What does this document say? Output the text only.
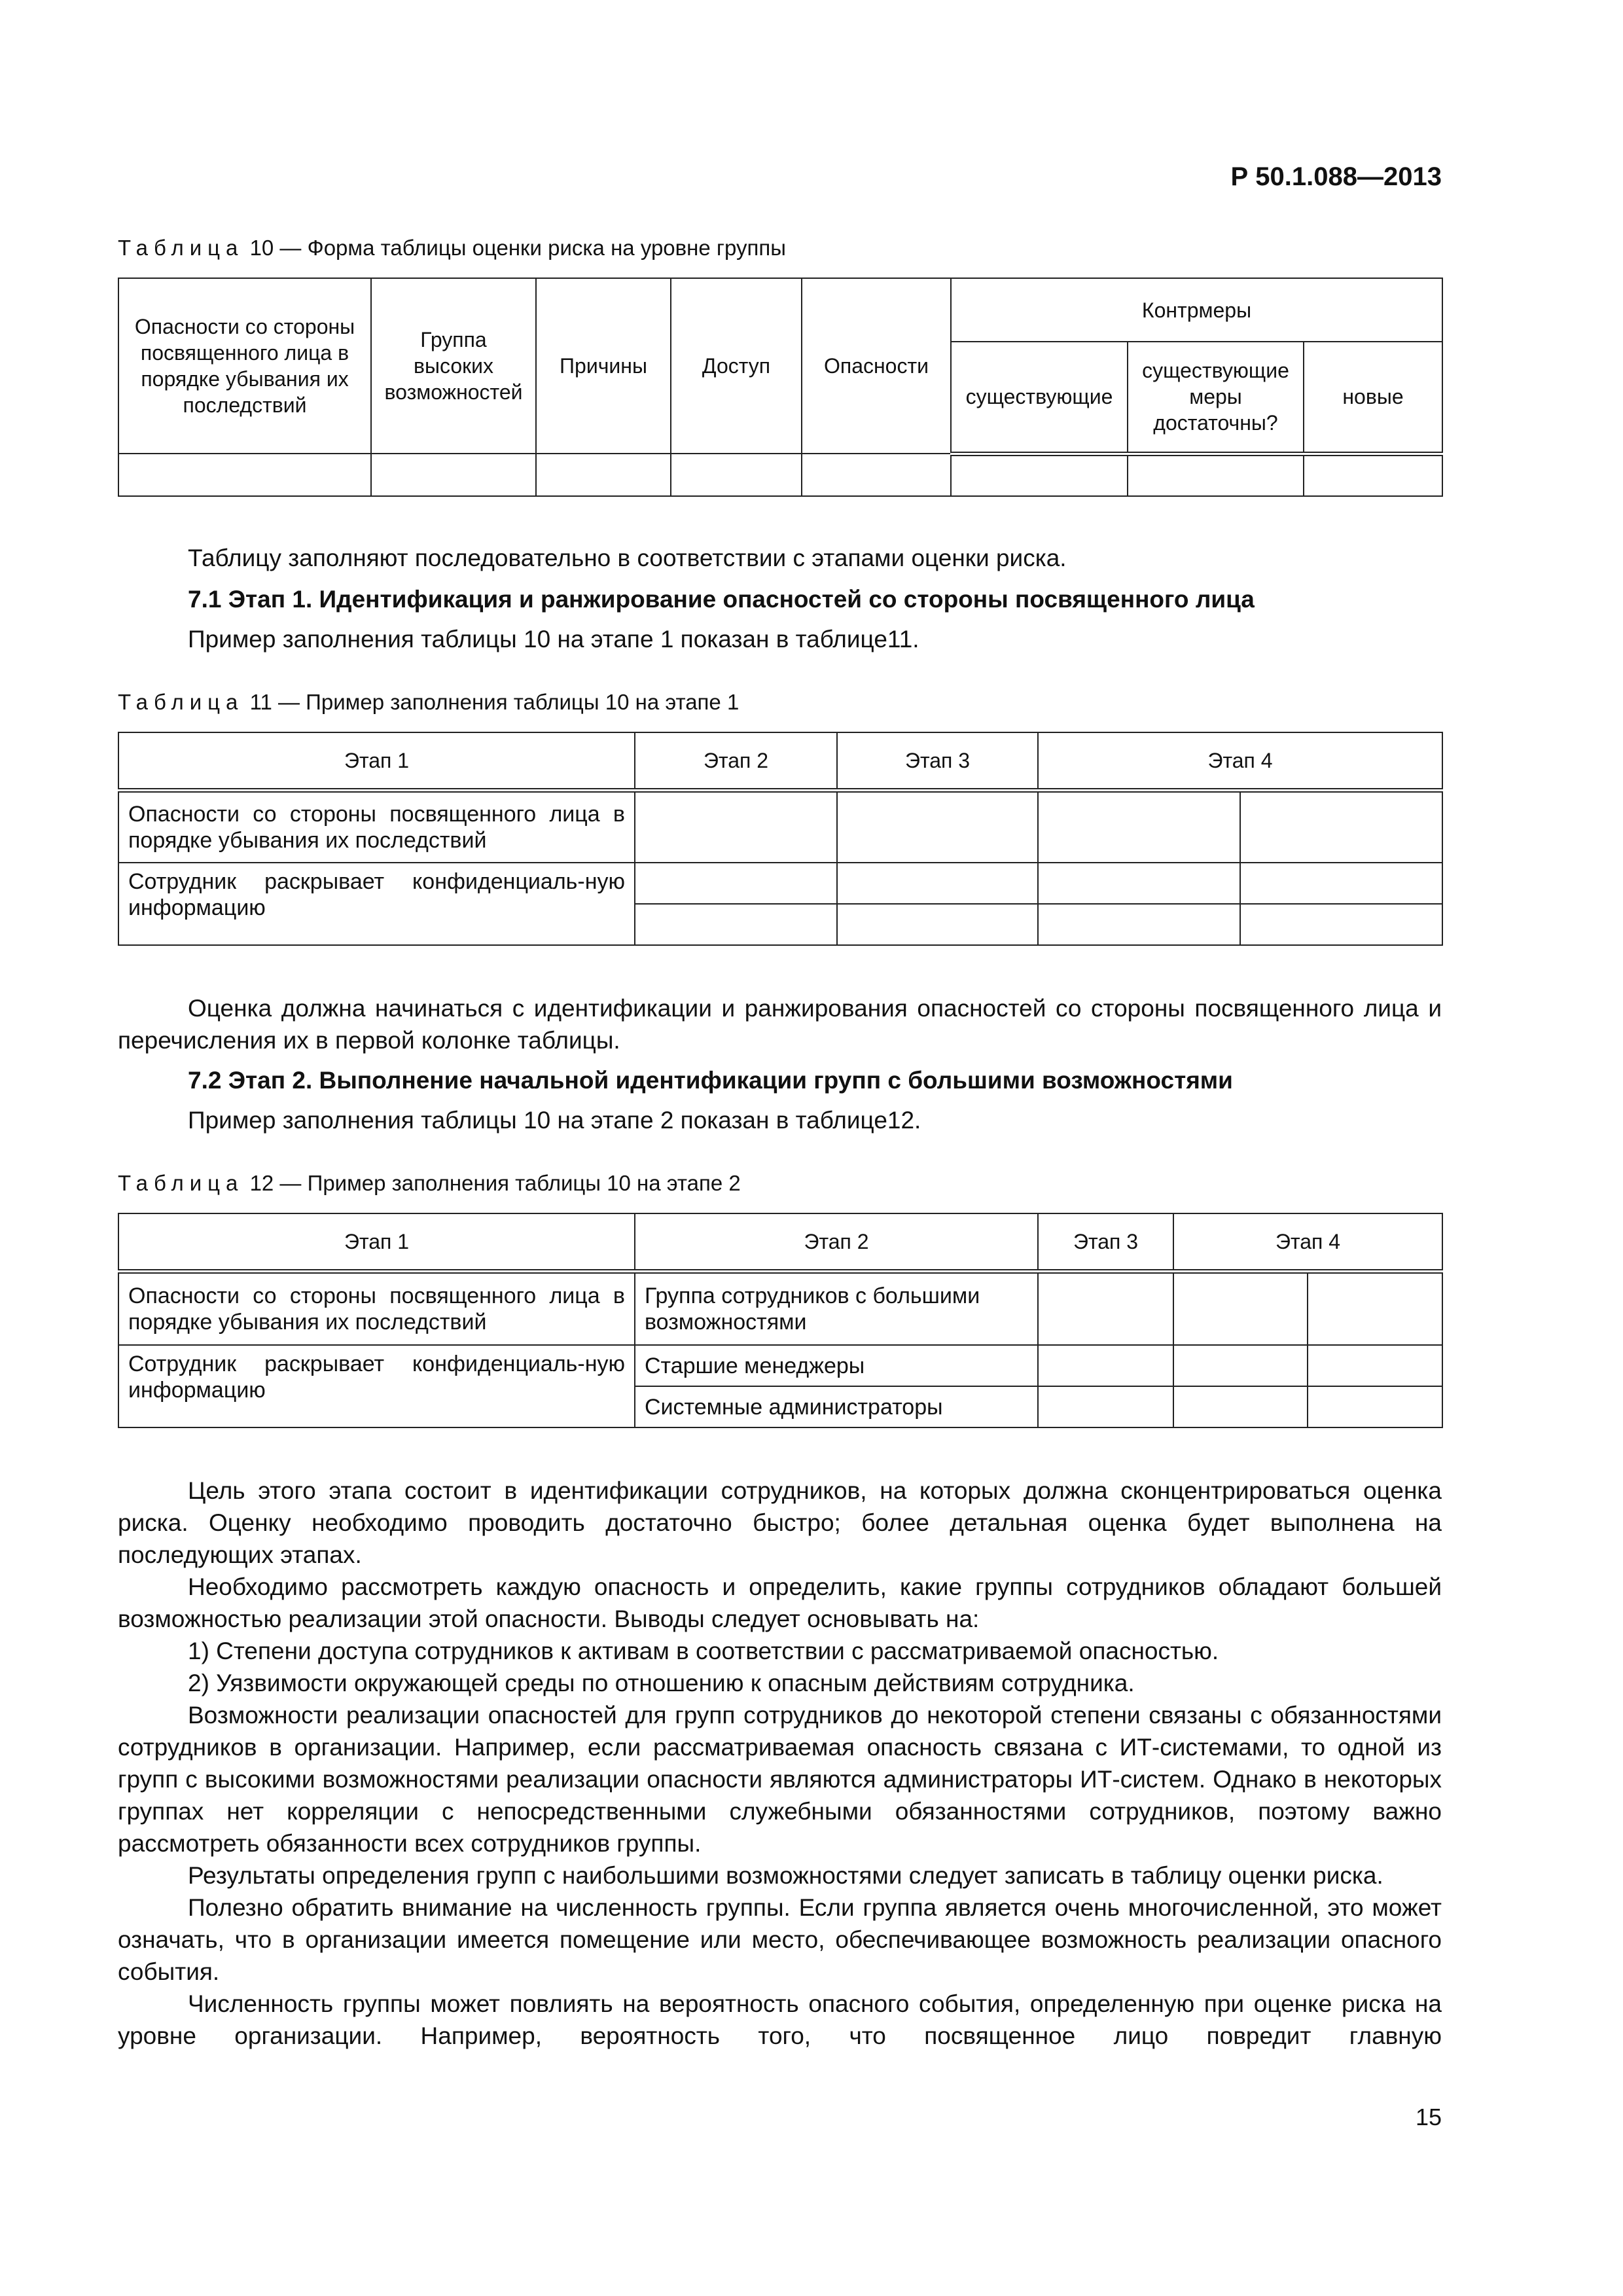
Р 50.1.088—2013
Таблица 10 — Форма таблицы оценки риска на уровне группы
Опасности со стороны посвященного лица в порядке убывания их последствий	Группа высоких возможностей	Причины	Доступ	Опасности	Контрмеры		
					существующие	существующие меры достаточны?	новые

Таблицу заполняют последовательно в соответствии с этапами оценки риска.

7.1 Этап 1. Идентификация и ранжирование опасностей со стороны посвященного лица

Пример заполнения таблицы 10 на этапе 1 показан в таблице11.

Таблица 11 — Пример заполнения таблицы 10 на этапе 1
Этап 1	Этап 2	Этап 3	Этап 4	
Опасности со стороны посвященного лица в порядке убывания их последствий				
Сотрудник раскрывает конфиденциаль-ную информацию				

Оценка должна начинаться с идентификации и ранжирования опасностей со стороны посвященного лица и перечисления их в первой колонке таблицы.

7.2 Этап 2. Выполнение начальной идентификации групп с большими возможностями

Пример заполнения таблицы 10 на этапе 2 показан в таблице12.

Таблица 12 — Пример заполнения таблицы 10 на этапе 2
Этап 1	Этап 2	Этап 3	Этап 4	
Опасности со стороны посвященного лица в порядке убывания их последствий	Группа сотрудников с большими возможностями			
Сотрудник раскрывает конфиденциаль-ную информацию	Старшие менеджеры			
	Системные администраторы			

Цель этого этапа состоит в идентификации сотрудников, на которых должна сконцентрироваться оценка риска. Оценку необходимо проводить достаточно быстро; более детальная оценка будет выполнена на последующих этапах.

Необходимо рассмотреть каждую опасность и определить, какие группы сотрудников обладают большей возможностью реализации этой опасности. Выводы следует основывать на:

1) Степени доступа сотрудников к активам в соответствии с рассматриваемой опасностью.

2) Уязвимости окружающей среды по отношению к опасным действиям сотрудника.

Возможности реализации опасностей для групп сотрудников до некоторой степени связаны с обязанностями сотрудников в организации. Например, если рассматриваемая опасность связана с ИТ-системами, то одной из групп с высокими возможностями реализации опасности являются администраторы ИТ-систем. Однако в некоторых группах нет корреляции с непосредственными служебными обязанностями сотрудников, поэтому важно рассмотреть обязанности всех сотрудников группы.

Результаты определения групп с наибольшими возможностями следует записать в таблицу оценки риска.

Полезно обратить внимание на численность группы. Если группа является очень многочисленной, это может означать, что в организации имеется помещение или место, обеспечивающее возможность реализации опасного события.

Численность группы может повлиять на вероятность опасного события, определенную при оценке риска на уровне организации. Например, вероятность того, что посвященное лицо повредит главную

15
